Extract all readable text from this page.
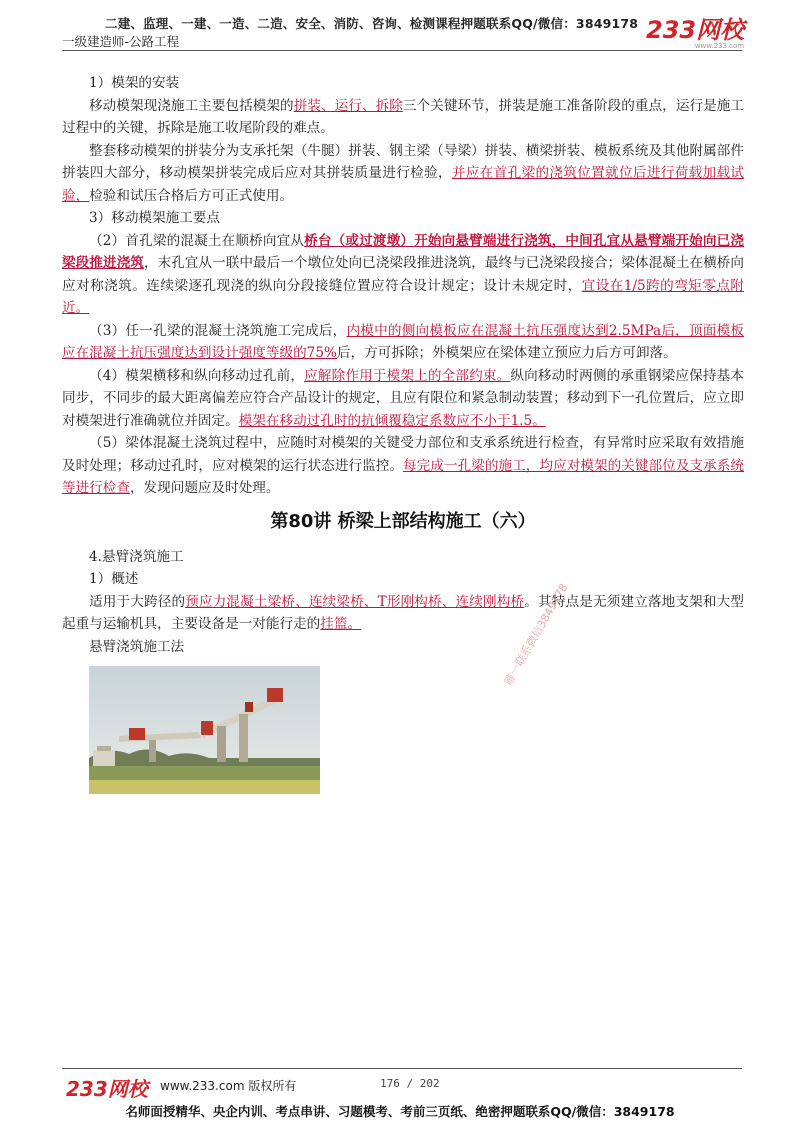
二建、监理、一建、一造、二造、安全、消防、咨询、检测课程押题联系QQ/微信：3849178
一级建造师-公路工程	233网校
www.233.com

1）模架的安装

移动模架现浇施工主要包括模架的拼装、运行、拆除三个关键环节，拼装是施工准备阶段的重点，运行是施工过程中的关键，拆除是施工收尾阶段的难点。

整套移动模架的拼装分为支承托架（牛腿）拼装、钢主梁（导梁）拼装、横梁拼装、模板系统及其他附属部件拼装四大部分，移动模架拼装完成后应对其拼装质量进行检验，并应在首孔梁的浇筑位置就位后进行荷载加载试验，检验和试压合格后方可正式使用。

3）移动模架施工要点

（2）首孔梁的混凝土在顺桥向宜从桥台（或过渡墩）开始向悬臂端进行浇筑，中间孔宜从悬臂端开始向已浇梁段推进浇筑，末孔宜从一联中最后一个墩位处向已浇梁段推进浇筑，最终与已浇梁段接合；梁体混凝土在横桥向应对称浇筑。连续梁逐孔现浇的纵向分段接缝位置应符合设计规定；设计未规定时，宜设在1/5跨的弯矩零点附近。

（3）任一孔梁的混凝土浇筑施工完成后，内模中的侧向模板应在混凝土抗压强度达到2.5MPa后，顶面模板应在混凝土抗压强度达到设计强度等级的75%后，方可拆除；外模架应在梁体建立预应力后方可卸落。

（4）模架横移和纵向移动过孔前，应解除作用于模架上的全部约束。纵向移动时两侧的承重钢梁应保持基本同步，不同步的最大距离偏差应符合产品设计的规定，且应有限位和紧急制动装置；移动到下一孔位置后，应立即对模架进行准确就位并固定。模架在移动过孔时的抗倾覆稳定系数应不小于1.5。

（5）梁体混凝土浇筑过程中，应随时对模架的关键受力部位和支承系统进行检查，有异常时应采取有效措施及时处理；移动过孔时，应对模架的运行状态进行监控。每完成一孔梁的施工，均应对模架的关键部位及支承系统等进行检查，发现问题应及时处理。

第80讲 桥梁上部结构施工（六）

4.悬臂浇筑施工

1）概述

适用于大跨径的预应力混凝土梁桥、连续梁桥、T形刚构桥、连续刚构桥。其特点是无须建立落地支架和大型起重与运输机具，主要设备是一对能行走的挂篮。

悬臂浇筑施工法	唯一联系微信3849178
233网校 www.233.com 版权所有	176 / 202
名师面授精华、央企内训、考点串讲、习题模考、考前三页纸、绝密押题联系QQ/微信：3849178
